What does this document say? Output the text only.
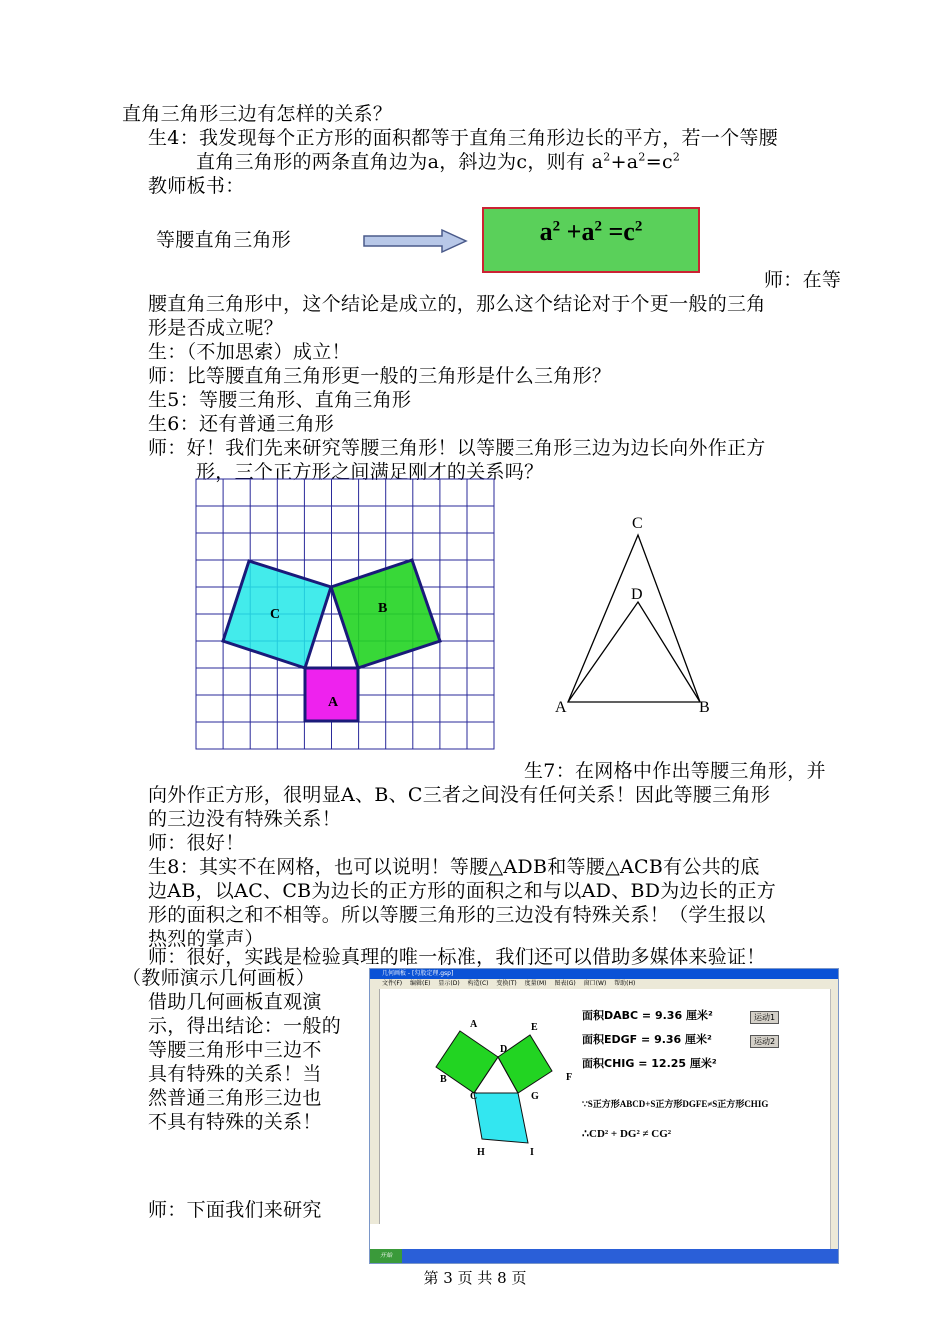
直角三角形三边有怎样的关系？
生4：我发现每个正方形的面积都等于直角三角形边长的平方，若一个等腰
直角三角形的两条直角边为a，斜边为c，则有 $a^2+a^2=c^2$
教师板书：
等腰直角三角形	$a^2 +a^2 =c^2$
师：在等
腰直角三角形中，这个结论是成立的，那么这个结论对于个更一般的三角
形是否成立呢？
生：（不加思索）成立！
师：比等腰直角三角形更一般的三角形是什么三角形？
生5：等腰三角形、直角三角形
生6：还有普通三角形
师：好！我们先来研究等腰三角形！以等腰三角形三边为边长向外作正方
形，三个正方形之间满足刚才的关系吗？
C	B
A
C
D
A	B
生7：在网格中作出等腰三角形，并
向外作正方形，很明显A、B、C三者之间没有任何关系！因此等腰三角形
的三边没有特殊关系！
师：很好！
生8：其实不在网格，也可以说明！等腰△ADB和等腰△ACB有公共的底
边AB，以AC、CB为边长的正方形的面积之和与以AD、BD为边长的正方
形的面积之和不相等。所以等腰三角形的三边没有特殊关系！（学生报以
热烈的掌声）
师：很好，实践是检验真理的唯一标准，我们还可以借助多媒体来验证！
（教师演示几何画板）
借助几何画板直观演
示，得出结论：一般的
等腰三角形中三边不
具有特殊的关系！当
然普通三角形三边也
不具有特殊的关系！
师：下面我们来研究
几何画板 - [勾股定理.gsp]
文件(F) 编辑(E) 显示(D) 构造(C) 变换(T) 度量(M) 图表(G) 窗口(W) 帮助(H)
A	E
D
B	F
C	G
H	I
面积DABC = 9.36 厘米²
面积EDGF = 9.36 厘米²
面积CHIG = 12.25 厘米²
运动1
运动2
∵S正方形ABCD+S正方形DGFE≠S正方形CHIG
∴CD² + DG² ≠ CG²
开始
第 3 页 共 8 页
